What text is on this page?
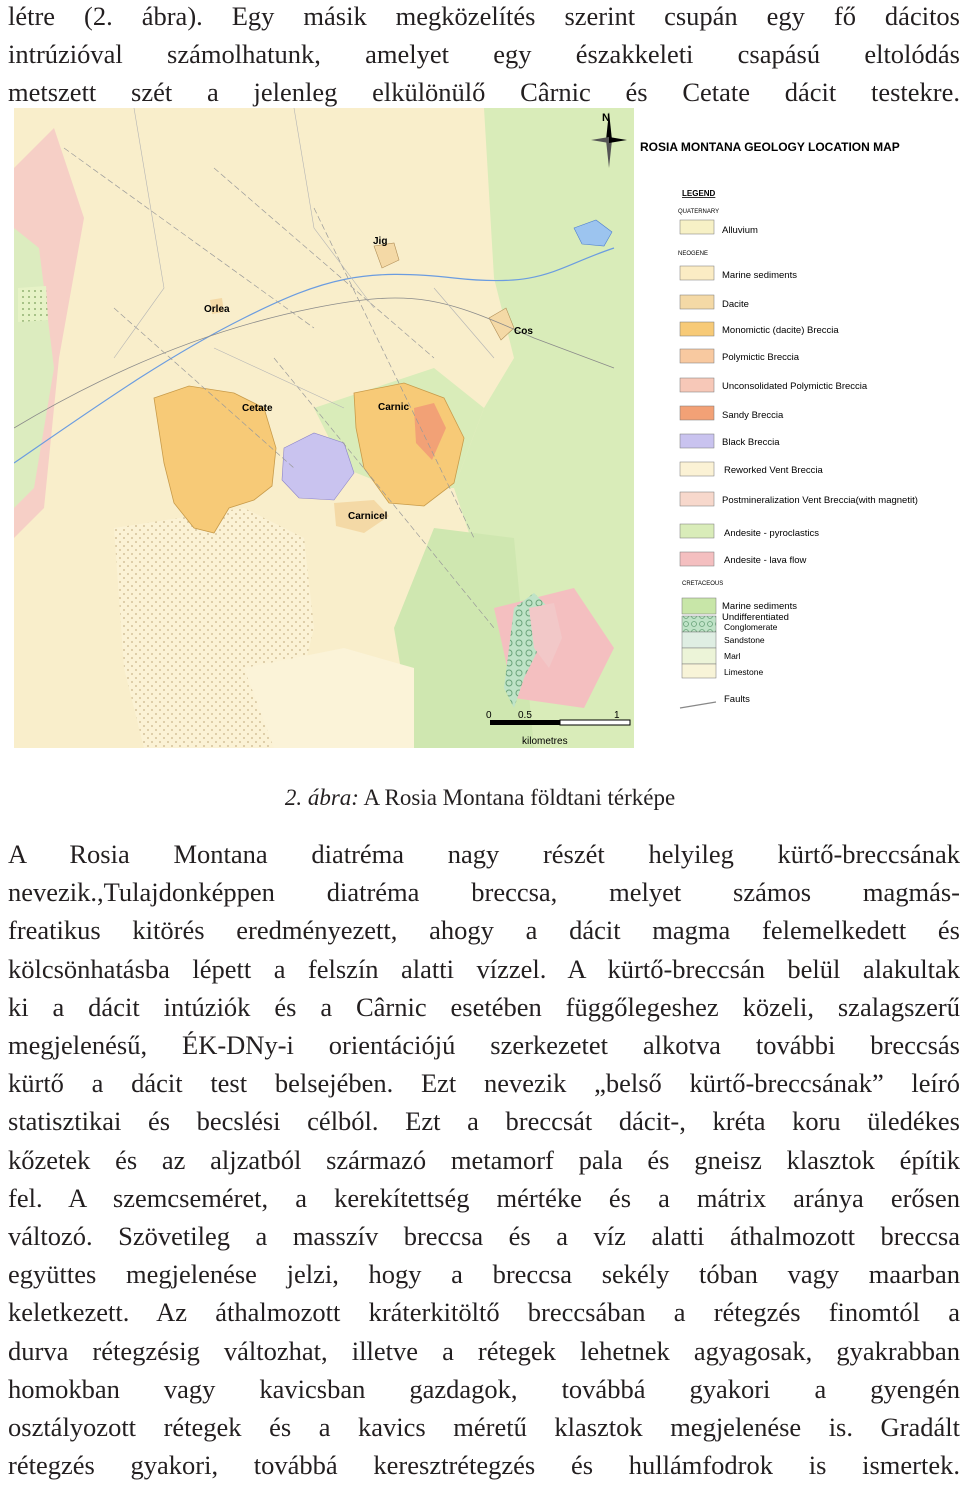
létre (2. ábra). Egy másik megközelítés szerint csupán egy fő dácitos
intrúzióval számolhatunk, amelyet egy északkeleti csapású eltolódás
metszett szét a jelenleg elkülönülő Cârnic és Cetate dácit testekre.
N
Jig
Orlea
Cos
Cetate	Carnic
Carnicel
0	0.5	1
kilometres
ROSIA MONTANA GEOLOGY LOCATION MAP
LEGEND
QUATERNARY
Alluvium
NEOGENE
Marine sediments
Dacite
Monomictic (dacite) Breccia
Polymictic Breccia
Unconsolidated Polymictic Breccia
Sandy Breccia
Black Breccia
Reworked Vent Breccia
Postmineralization Vent Breccia(with magnetit)
Andesite - pyroclastics
Andesite - lava flow
CRETACEOUS
Marine sediments
Undifferentiated
Conglomerate
Sandstone
Marl
Limestone
Faults
2. ábra: A Rosia Montana földtani térképe
A Rosia Montana diatréma nagy részét helyileg kürtő-breccsának
nevezik.,Tulajdonképpen diatréma breccsa, melyet számos magmás-
freatikus kitörés eredményezett, ahogy a dácit magma felemelkedett és
kölcsönhatásba lépett a felszín alatti vízzel. A kürtő-breccsán belül alakultak
ki a dácit intúziók és a Cârnic esetében függőlegeshez közeli, szalagszerű
megjelenésű, ÉK-DNy-i orientációjú szerkezetet alkotva további breccsás
kürtő a dácit test belsejében. Ezt nevezik „belső kürtő-breccsának” leíró
statisztikai és becslési célból. Ezt a breccsát dácit-, kréta koru üledékes
kőzetek és az aljzatból származó metamorf pala és gneisz klasztok építik
fel. A szemcseméret, a kerekítettség mértéke és a mátrix aránya erősen
változó. Szövetileg a masszív breccsa és a víz alatti áthalmozott breccsa
együttes megjelenése jelzi, hogy a breccsa sekély tóban vagy maarban
keletkezett. Az áthalmozott kráterkitöltő breccsában a rétegzés finomtól a
durva rétegzésig változhat, illetve a rétegek lehetnek agyagosak, gyakrabban
homokban vagy kavicsban gazdagok, továbbá gyakori a gyengén
osztályozott rétegek és a kavics méretű klasztok megjelenése is. Gradált
rétegzés gyakori, továbbá keresztrétegzés és hullámfodrok is ismertek.
